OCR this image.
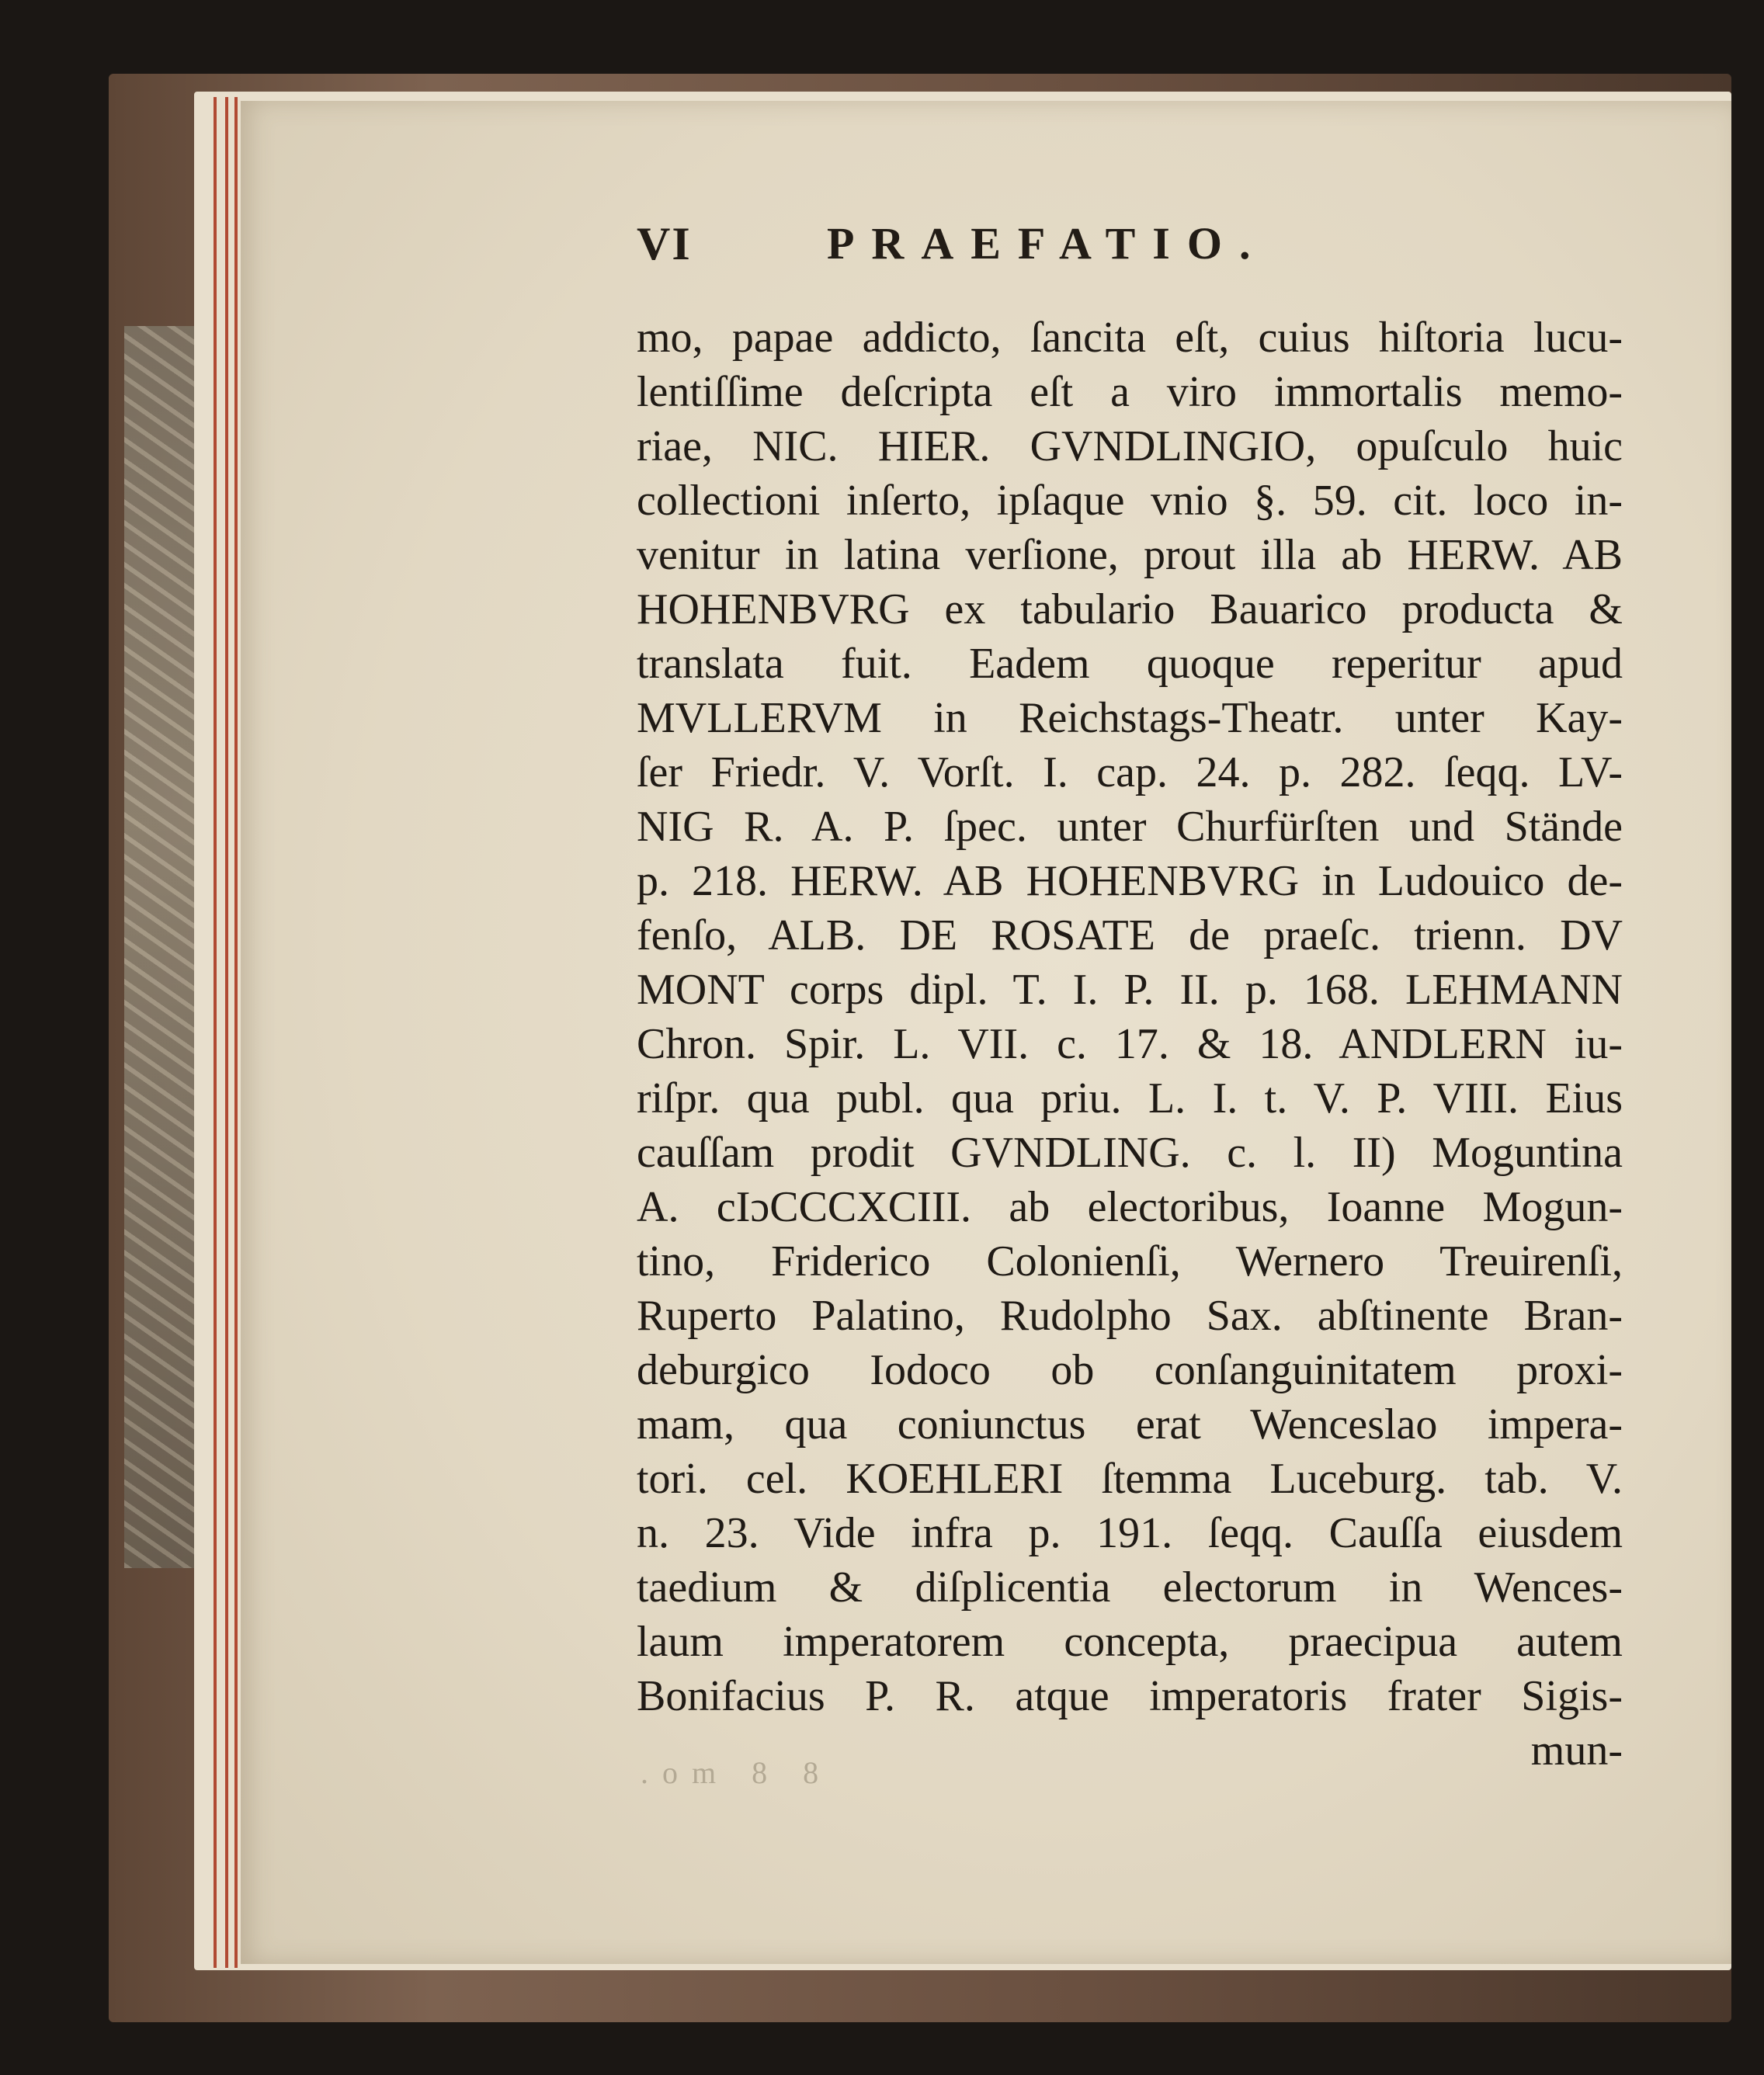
VI	PRAEFATIO.
mo, papae addicto, ſancita eſt, cuius hiſtoria lucu-
lentiſſime deſcripta eſt a viro immortalis memo-
riae, NIC. HIER. GVNDLINGIO, opuſculo huic
collectioni inſerto, ipſaque vnio §. 59. cit. loco in-
venitur in latina verſione, prout illa ab HERW. AB
HOHENBVRG ex tabulario Bauarico producta &
translata fuit. Eadem quoque reperitur apud
MVLLERVM in Reichstags-Theatr. unter Kay-
ſer Friedr. V. Vorſt. I. cap. 24. p. 282. ſeqq. LV-
NIG R. A. P. ſpec. unter Churfürſten und Stände
p. 218. HERW. AB HOHENBVRG in Ludouico de-
fenſo, ALB. DE ROSATE de praeſc. trienn. DV
MONT corps dipl. T. I. P. II. p. 168. LEHMANN
Chron. Spir. L. VII. c. 17. & 18. ANDLERN iu-
riſpr. qua publ. qua priu. L. I. t. V. P. VIII. Eius
cauſſam prodit GVNDLING. c. l. II) Moguntina
A. cIɔCCCXCIII. ab electoribus, Ioanne Mogun-
tino, Friderico Colonienſi, Wernero Treuirenſi,
Ruperto Palatino, Rudolpho Sax. abſtinente Bran-
deburgico Iodoco ob conſanguinitatem proxi-
mam, qua coniunctus erat Wenceslao impera-
tori. cel. KOEHLERI ſtemma Luceburg. tab. V.
n. 23. Vide infra p. 191. ſeqq. Cauſſa eiusdem
taedium & diſplicentia electorum in Wences-
laum imperatorem concepta, praecipua autem
Bonifacius P. R. atque imperatoris frater Sigis-
mun-
.om 8 8
